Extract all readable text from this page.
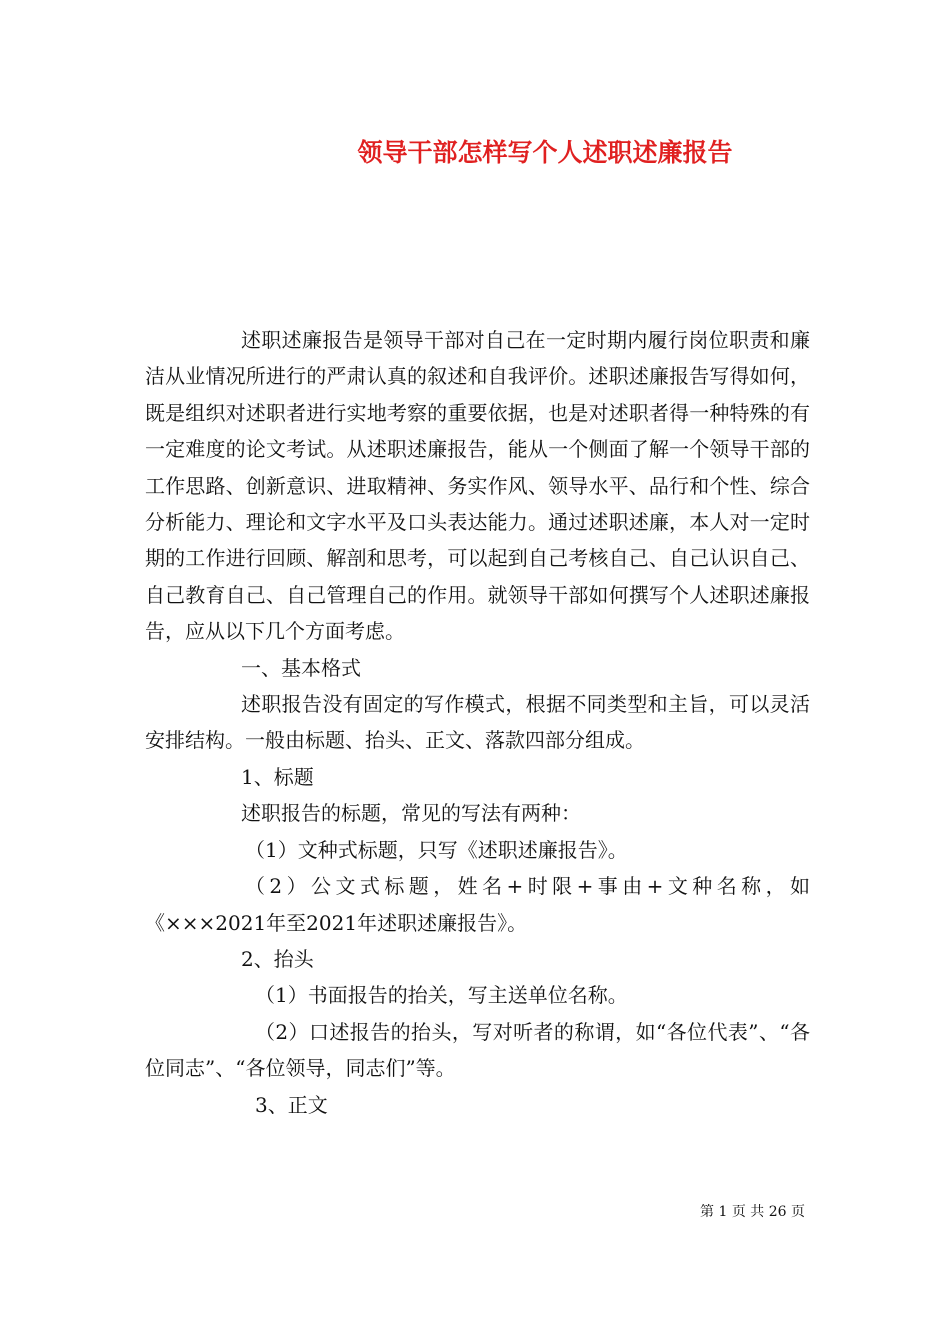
领导干部怎样写个人述职述廉报告

述职述廉报告是领导干部对自己在一定时期内履行岗位职责和廉洁从业情况所进行的严肃认真的叙述和自我评价。述职述廉报告写得如何，既是组织对述职者进行实地考察的重要依据，也是对述职者得一种特殊的有一定难度的论文考试。从述职述廉报告，能从一个侧面了解一个领导干部的工作思路、创新意识、进取精神、务实作风、领导水平、品行和个性、综合分析能力、理论和文字水平及口头表达能力。通过述职述廉，本人对一定时期的工作进行回顾、解剖和思考，可以起到自己考核自己、自己认识自己、自己教育自己、自己管理自己的作用。就领导干部如何撰写个人述职述廉报告，应从以下几个方面考虑。

一、基本格式

述职报告没有固定的写作模式，根据不同类型和主旨，可以灵活安排结构。一般由标题、抬头、正文、落款四部分组成。

1、标题

述职报告的标题，常见的写法有两种：

（1）文种式标题，只写《述职述廉报告》。

（2）公文式标题，姓名+时限+事由+文种名称，如《×××2021年至2021年述职述廉报告》。

2、抬头

（1）书面报告的抬关，写主送单位名称。

（2）口述报告的抬头，写对听者的称谓，如“各位代表”、“各位同志”、“各位领导，同志们”等。

3、正文

第 1 页 共 26 页
